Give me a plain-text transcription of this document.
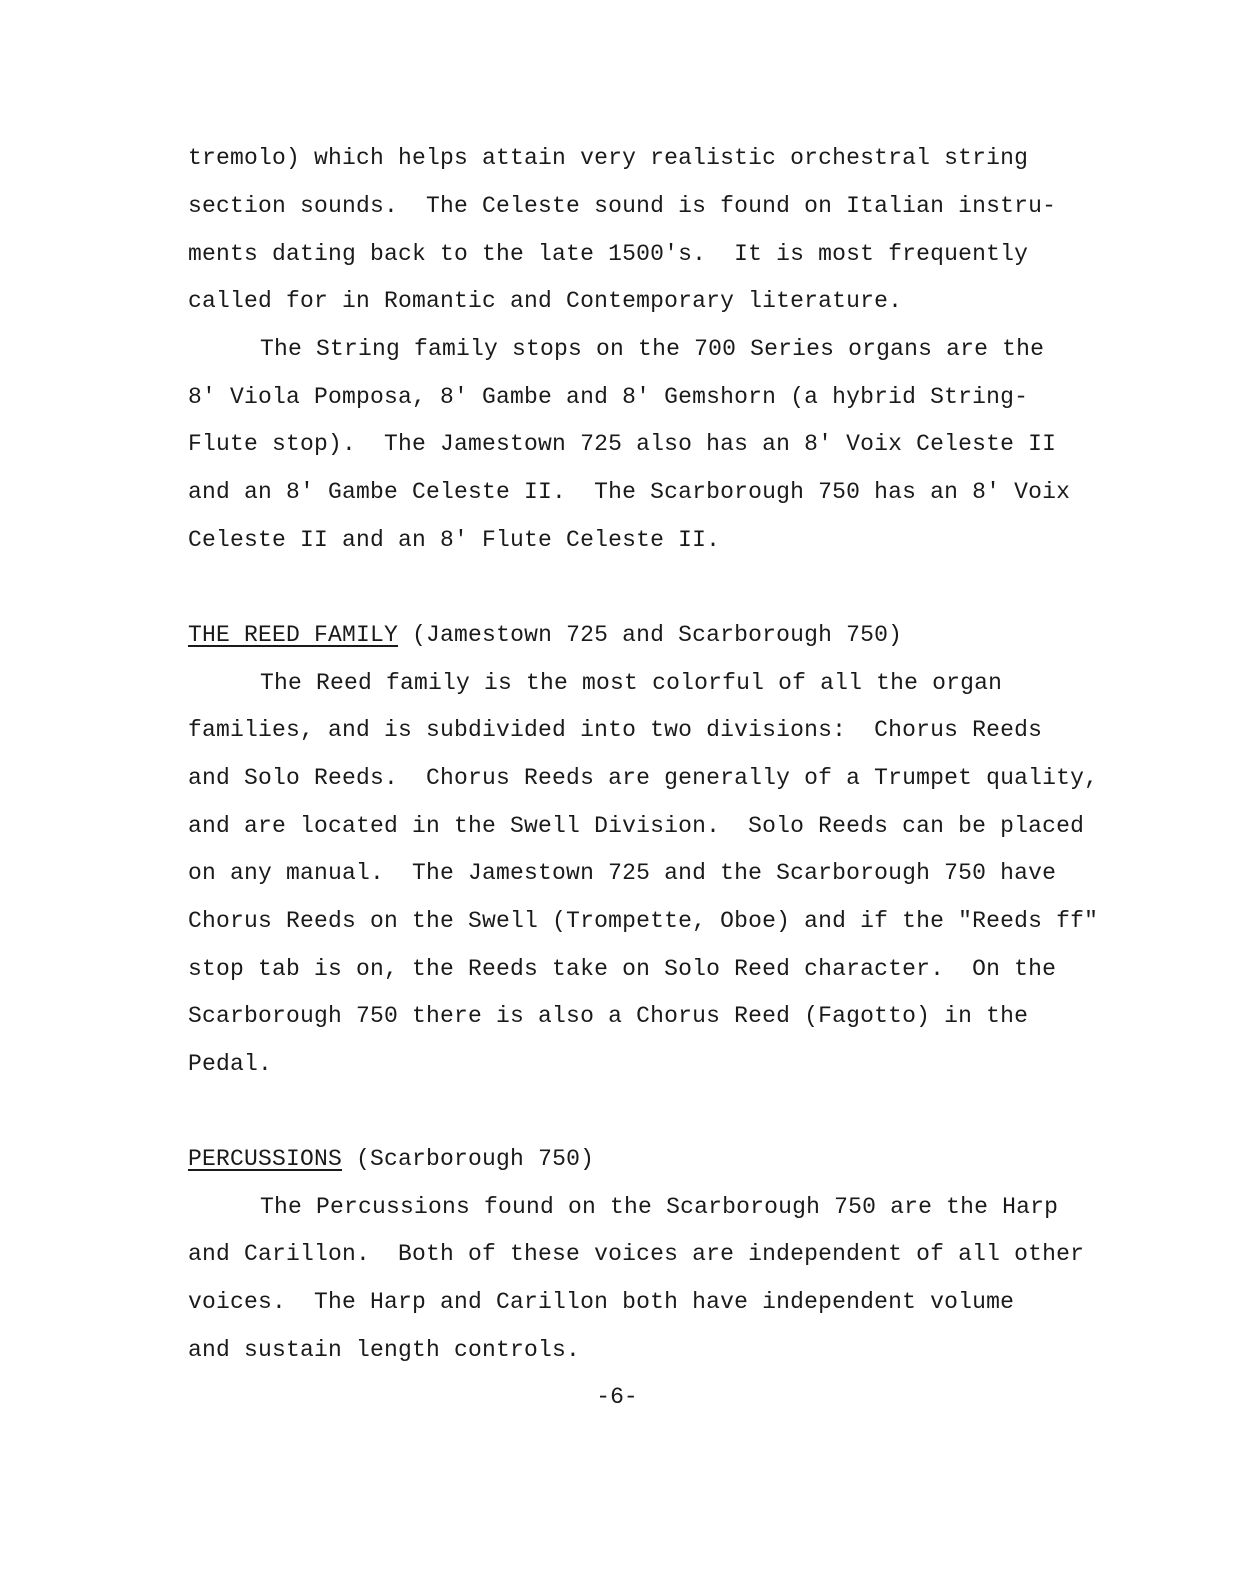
tremolo) which helps attain very realistic orchestral string
section sounds.  The Celeste sound is found on Italian instru-
ments dating back to the late 1500's.  It is most frequently
called for in Romantic and Contemporary literature.
The String family stops on the 700 Series organs are the
8' Viola Pomposa, 8' Gambe and 8' Gemshorn (a hybrid String-
Flute stop).  The Jamestown 725 also has an 8' Voix Celeste II
and an 8' Gambe Celeste II.  The Scarborough 750 has an 8' Voix
Celeste II and an 8' Flute Celeste II.
THE REED FAMILY (Jamestown 725 and Scarborough 750)
The Reed family is the most colorful of all the organ
families, and is subdivided into two divisions:  Chorus Reeds
and Solo Reeds.  Chorus Reeds are generally of a Trumpet quality,
and are located in the Swell Division.  Solo Reeds can be placed
on any manual.  The Jamestown 725 and the Scarborough 750 have
Chorus Reeds on the Swell (Trompette, Oboe) and if the "Reeds ff"
stop tab is on, the Reeds take on Solo Reed character.  On the
Scarborough 750 there is also a Chorus Reed (Fagotto) in the
Pedal.
PERCUSSIONS (Scarborough 750)
The Percussions found on the Scarborough 750 are the Harp
and Carillon.  Both of these voices are independent of all other
voices.  The Harp and Carillon both have independent volume
and sustain length controls.
-6-
